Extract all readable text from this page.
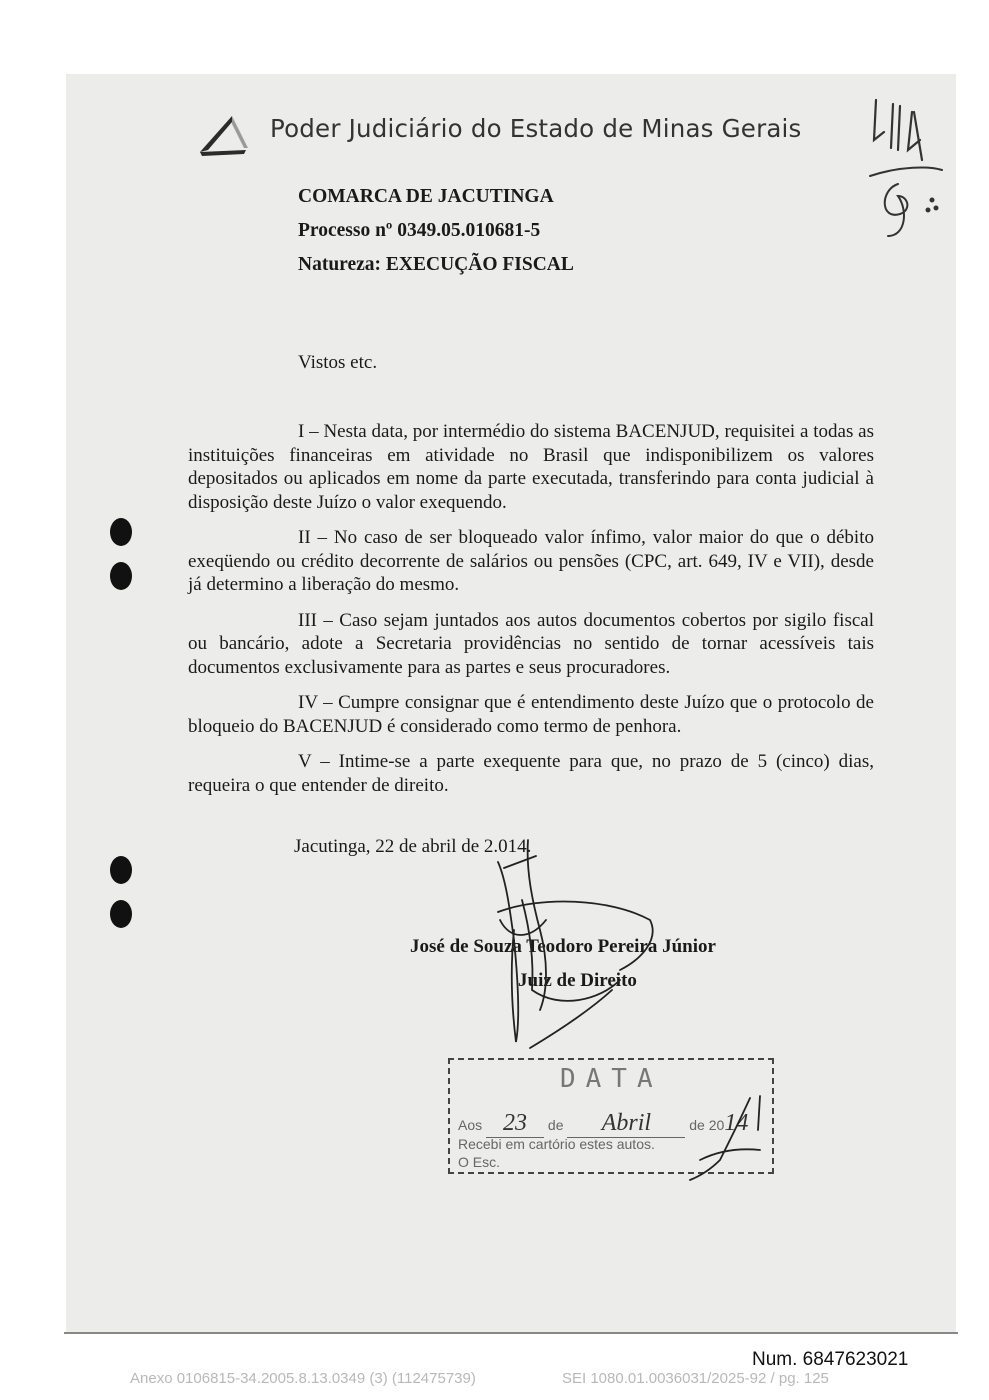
Poder Judiciário do Estado de Minas Gerais
COMARCA DE JACUTINGA
Processo nº 0349.05.010681-5
Natureza: EXECUÇÃO FISCAL
Vistos etc.

I – Nesta data, por intermédio do sistema BACENJUD, requisitei a todas as instituições financeiras em atividade no Brasil que indisponibilizem os valores depositados ou aplicados em nome da parte executada, transferindo para conta judicial à disposição deste Juízo o valor exequendo.

II – No caso de ser bloqueado valor ínfimo, valor maior do que o débito exeqüendo ou crédito decorrente de salários ou pensões (CPC, art. 649, IV e VII), desde já determino a liberação do mesmo.

III – Caso sejam juntados aos autos documentos cobertos por sigilo fiscal ou bancário, adote a Secretaria providências no sentido de tornar acessíveis tais documentos exclusivamente para as partes e seus procuradores.

IV – Cumpre consignar que é entendimento deste Juízo que o protocolo de bloqueio do BACENJUD é considerado como termo de penhora.

V – Intime-se a parte exequente para que, no prazo de 5 (cinco) dias, requeira o que entender de direito.

Jacutinga, 22 de abril de 2.014.
José de Souza Teodoro Pereira Júnior
Juiz de Direito
DATA
Aos 23 de Abril	de 2014
Recebi em cartório estes autos.
O Esc.
Num. 6847623021
Anexo 0106815-34.2005.8.13.0349 (3) (112475739)	SEI 1080.01.0036031/2025-92 / pg. 125
